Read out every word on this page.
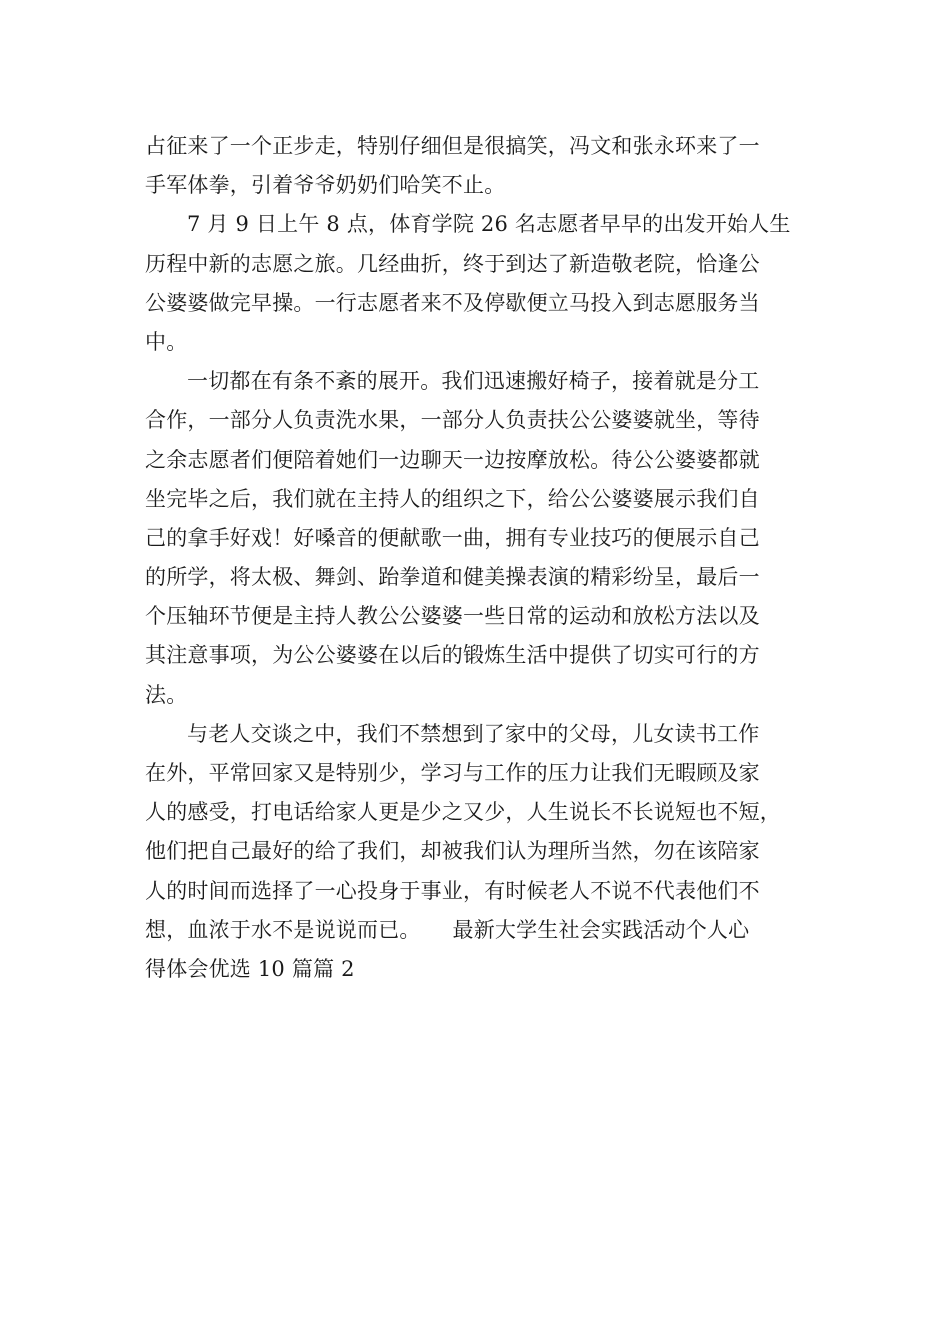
占征来了一个正步走，特别仔细但是很搞笑，冯文和张永环来了一
手军体拳，引着爷爷奶奶们哈笑不止。
7 月 9 日上午 8 点，体育学院 26 名志愿者早早的出发开始人生
历程中新的志愿之旅。几经曲折，终于到达了新造敬老院，恰逢公
公婆婆做完早操。一行志愿者来不及停歇便立马投入到志愿服务当
中。
一切都在有条不紊的展开。我们迅速搬好椅子，接着就是分工
合作，一部分人负责洗水果，一部分人负责扶公公婆婆就坐，等待
之余志愿者们便陪着她们一边聊天一边按摩放松。待公公婆婆都就
坐完毕之后，我们就在主持人的组织之下，给公公婆婆展示我们自
己的拿手好戏！好嗓音的便献歌一曲，拥有专业技巧的便展示自己
的所学，将太极、舞剑、跆拳道和健美操表演的精彩纷呈，最后一
个压轴环节便是主持人教公公婆婆一些日常的运动和放松方法以及
其注意事项，为公公婆婆在以后的锻炼生活中提供了切实可行的方
法。
与老人交谈之中，我们不禁想到了家中的父母，儿女读书工作
在外，平常回家又是特别少，学习与工作的压力让我们无暇顾及家
人的感受，打电话给家人更是少之又少，人生说长不长说短也不短，
他们把自己最好的给了我们，却被我们认为理所当然，勿在该陪家
人的时间而选择了一心投身于事业，有时候老人不说不代表他们不
想，血浓于水不是说说而已。　　最新大学生社会实践活动个人心
得体会优选 10 篇篇 2
